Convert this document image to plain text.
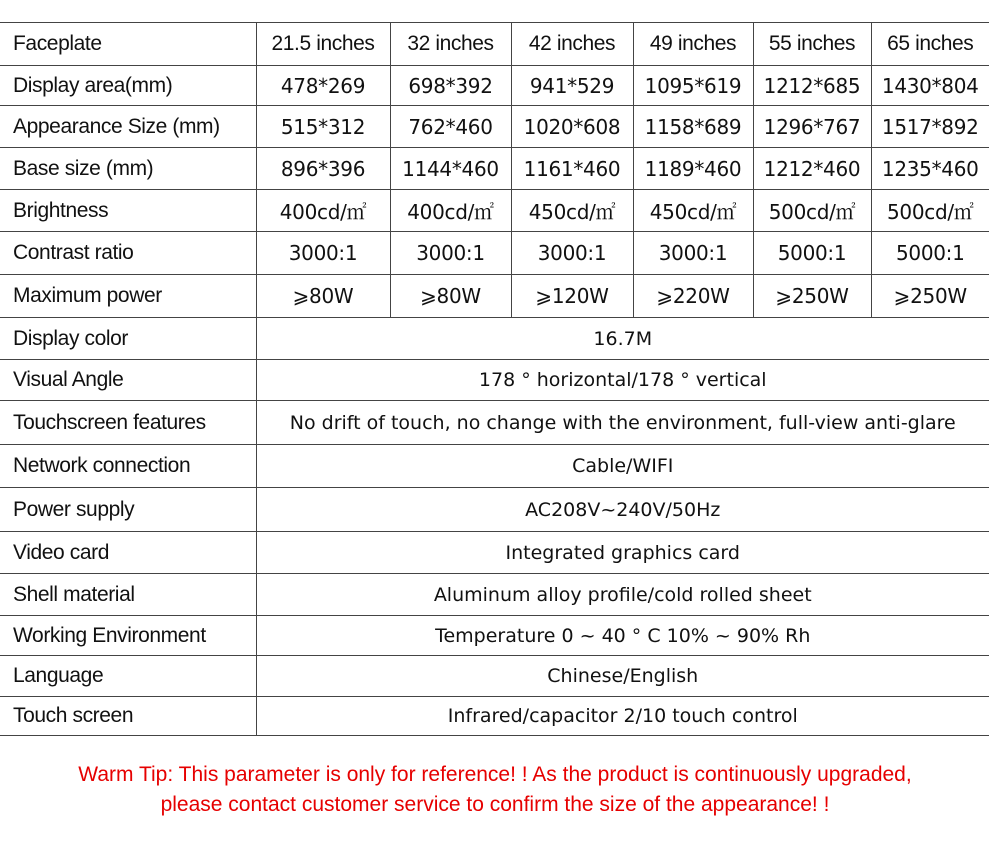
Faceplate	21.5 inches	32 inches	42 inches	49 inches	55 inches	65 inches
Display area(mm)	478*269	698*392	941*529	1095*619	1212*685	1430*804
Appearance Size (mm)	515*312	762*460	1020*608	1158*689	1296*767	1517*892
Base size (mm)	896*396	1144*460	1161*460	1189*460	1212*460	1235*460
Brightness	400cd/㎡	400cd/㎡	450cd/㎡	450cd/㎡	500cd/㎡	500cd/㎡
Contrast ratio	3000:1	3000:1	3000:1	3000:1	5000:1	5000:1
Maximum power	⩾80W	⩾80W	⩾120W	⩾220W	⩾250W	⩾250W
Display color	16.7M					
Visual Angle	178 ° horizontal/178 ° vertical					
Touchscreen features	No drift of touch, no change with the environment, full-view anti-glare					
Network connection	Cable/WIFI					
Power supply	AC208V~240V/50Hz					
Video card	Integrated graphics card					
Shell material	Aluminum alloy profile/cold rolled sheet					
Working Environment	Temperature 0 ~ 40 ° C 10% ~ 90% Rh					
Language	Chinese/English					
Touch screen	Infrared/capacitor 2/10 touch control					
Warm Tip: This parameter is only for reference! ! As the product is continuously upgraded,
please contact customer service to confirm the size of the appearance! !
